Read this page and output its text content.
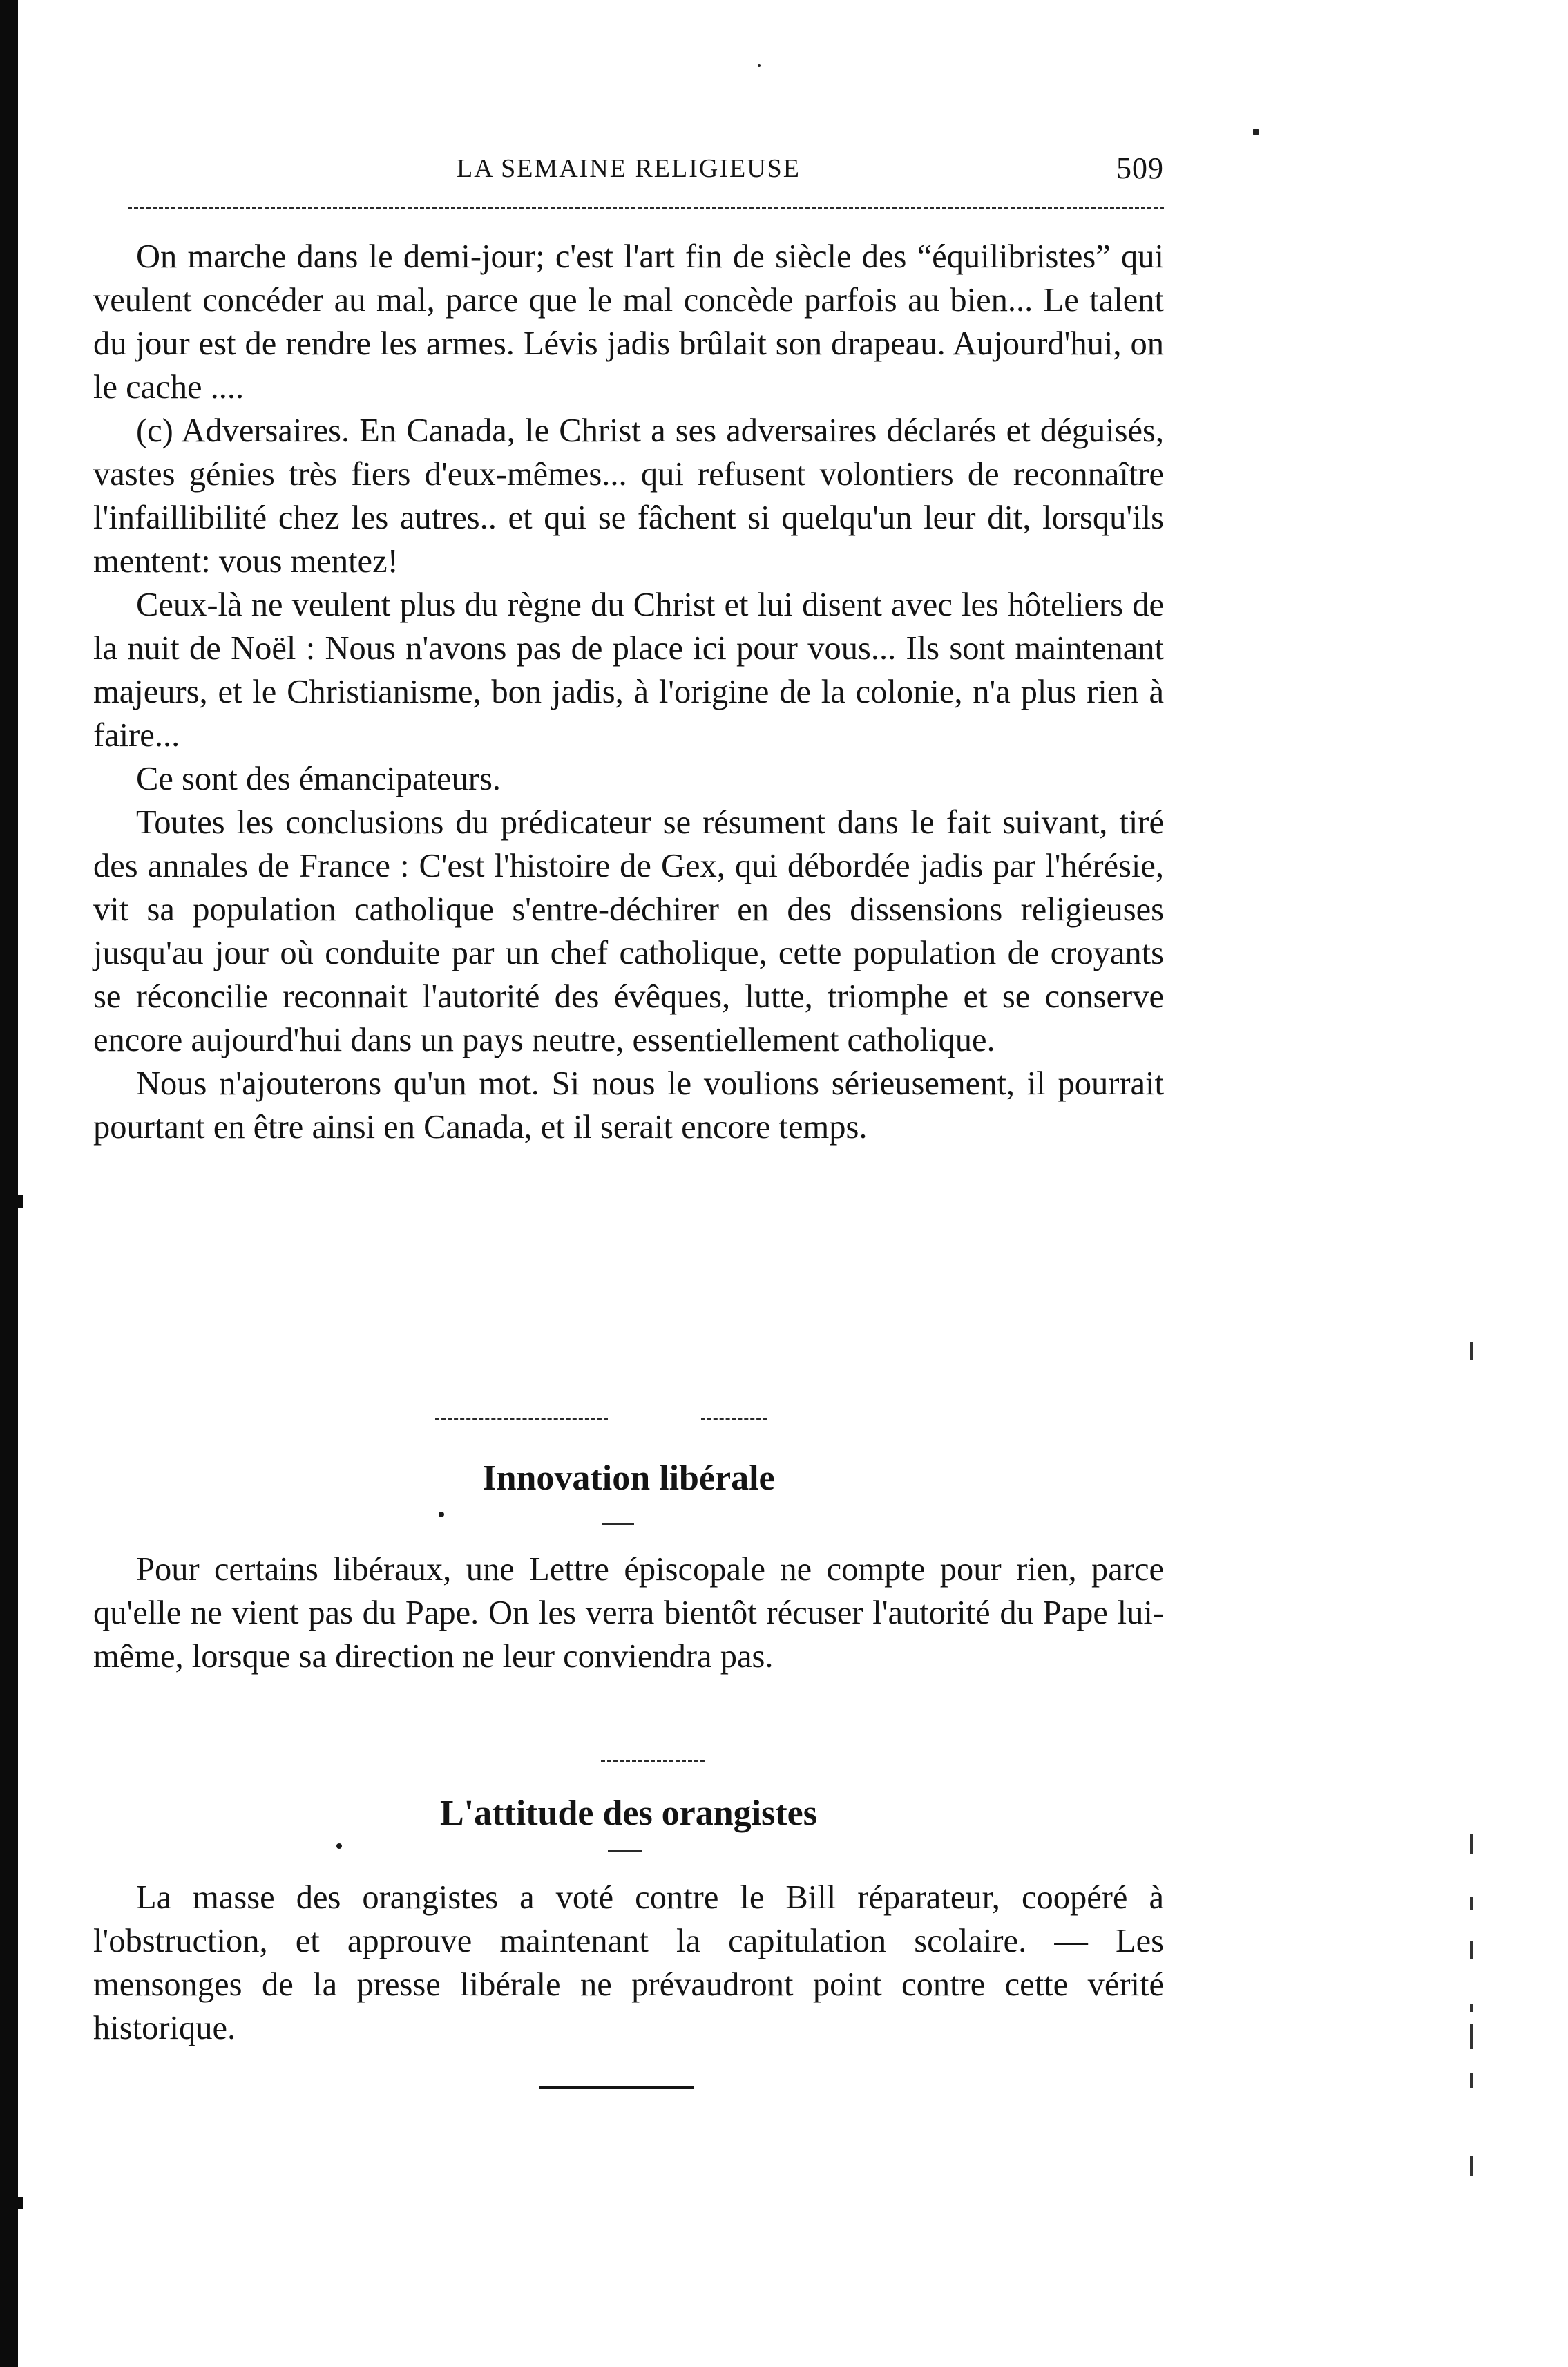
LA SEMAINE RELIGIEUSE	509

On marche dans le demi-jour; c'est l'art fin de siècle des “équilibristes” qui veulent concéder au mal, parce que le mal concède parfois au bien... Le talent du jour est de rendre les armes. Lévis jadis brûlait son drapeau. Aujourd'hui, on le cache ....

(c) Adversaires. En Canada, le Christ a ses adversaires déclarés et déguisés, vastes génies très fiers d'eux-mêmes... qui refusent volontiers de reconnaître l'infaillibilité chez les autres.. et qui se fâchent si quelqu'un leur dit, lorsqu'ils mentent: vous mentez!

Ceux-là ne veulent plus du règne du Christ et lui disent avec les hôteliers de la nuit de Noël : Nous n'avons pas de place ici pour vous... Ils sont maintenant majeurs, et le Christianisme, bon jadis, à l'origine de la colonie, n'a plus rien à faire...

Ce sont des émancipateurs.

Toutes les conclusions du prédicateur se résument dans le fait suivant, tiré des annales de France : C'est l'histoire de Gex, qui débordée jadis par l'hérésie, vit sa population catholique s'entre-déchirer en des dissensions religieuses jusqu'au jour où conduite par un chef catholique, cette population de croyants se réconcilie reconnait l'autorité des évêques, lutte, triomphe et se conserve encore aujourd'hui dans un pays neutre, essentiellement catholique.

Nous n'ajouterons qu'un mot. Si nous le voulions sérieusement, il pourrait pourtant en être ainsi en Canada, et il serait encore temps.

Innovation libérale

Pour certains libéraux, une Lettre épiscopale ne compte pour rien, parce qu'elle ne vient pas du Pape. On les verra bientôt récuser l'autorité du Pape lui-même, lorsque sa direction ne leur conviendra pas.

L'attitude des orangistes

La masse des orangistes a voté contre le Bill réparateur, coopéré à l'obstruction, et approuve maintenant la capitulation scolaire. — Les mensonges de la presse libérale ne prévaudront point contre cette vérité historique.
